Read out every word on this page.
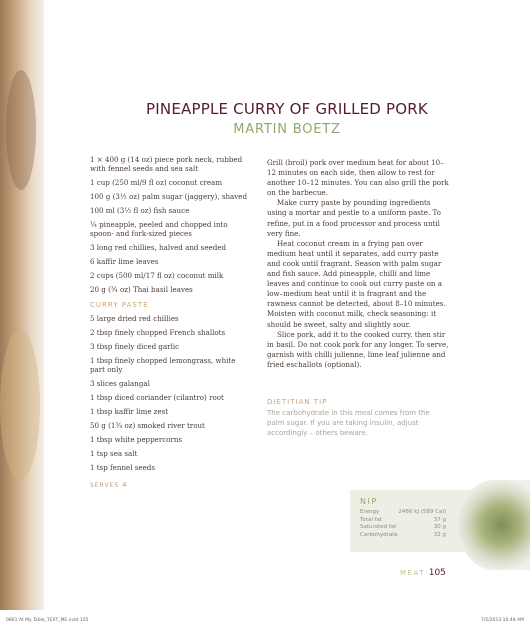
PINEAPPLE CURRY OF GRILLED PORK
MARTIN BOETZ

1 × 400 g (14 oz) piece pork neck, rubbed with fennel seeds and sea salt

1 cup (250 ml/9 fl oz) coconut cream

100 g (3½ oz) palm sugar (jaggery), shaved

100 ml (3½ fl oz) fish sauce

¼ pineapple, peeled and chopped into spoon- and fork-sized pieces

3 long red chillies, halved and seeded

6 kaffir lime leaves

2 cups (500 ml/17 fl oz) coconut milk

20 g (¾ oz) Thai basil leaves

CURRY PASTE

5 large dried red chillies

2 tbsp finely chopped French shallots

3 tbsp finely diced garlic

1 tbsp finely chopped lemongrass, white part only

3 slices galangal

1 tbsp diced coriander (cilantro) root

1 tbsp kaffir lime zest

50 g (1¾ oz) smoked river trout

1 tbsp white peppercorns

1 tsp sea salt

1 tsp fennel seeds

SERVES 4

Grill (broil) pork over medium heat for about 10–12 minutes on each side, then allow to rest for another 10–12 minutes. You can also grill the pork on the barbecue.

Make curry paste by pounding ingredients using a mortar and pestle to a uniform paste. To refine, put in a food processor and process until very fine.

Heat coconut cream in a frying pan over medium heat until it separates, add curry paste and cook until fragrant. Season with palm sugar and fish sauce. Add pineapple, chilli and lime leaves and continue to cook out curry paste on a low–medium heat until it is fragrant and the rawness cannot be detected, about 8–10 minutes. Moisten with coconut milk, check seasoning: it should be sweet, salty and slightly sour.

Slice pork, add it to the cooked curry, then stir in basil. Do not cook pork for any longer. To serve, garnish with chilli julienne, lime leaf julienne and fried eschallots (optional).

DIETITIAN TIP
The carbohydrate in this meal comes from the palm sugar. If you are taking insulin, adjust accordingly – others beware.
NIP
Energy	2466 kJ (589 Cal)
Total fat	37 g
Saturated fat	30 g
Carbohydrate	32 g
MEAT 105
0861 At My Table_TEXT_ME.indd 105	7/5/2013 10:48 AM
